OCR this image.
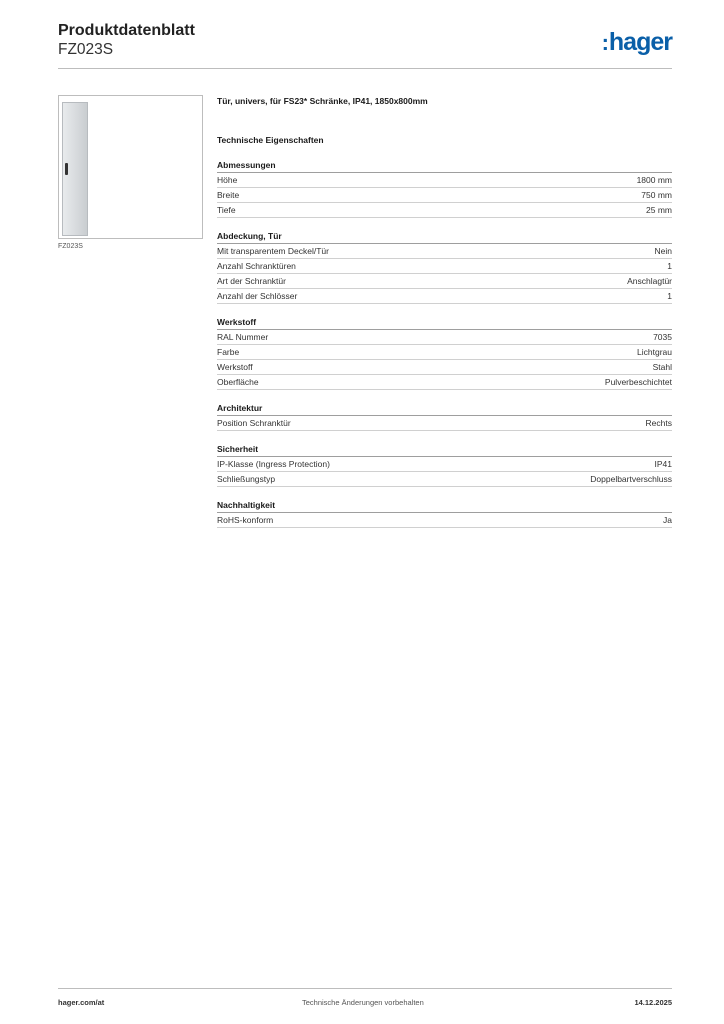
Produktdatenblatt
FZ023S	:hager
FZ023S
Tür, univers, für FS23* Schränke, IP41, 1850x800mm
Technische Eigenschaften
Abmessungen
Höhe	1800 mm
Breite	750 mm
Tiefe	25 mm
Abdeckung, Tür
Mit transparentem Deckel/Tür	Nein
Anzahl Schranktüren	1
Art der Schranktür	Anschlagtür
Anzahl der Schlösser	1
Werkstoff
RAL Nummer	7035
Farbe	Lichtgrau
Werkstoff	Stahl
Oberfläche	Pulverbeschichtet
Architektur
Position Schranktür	Rechts
Sicherheit
IP-Klasse (Ingress Protection)	IP41
Schließungstyp	Doppelbartverschluss
Nachhaltigkeit
RoHS-konform	Ja
hager.com/at	Technische Änderungen vorbehalten	14.12.2025
